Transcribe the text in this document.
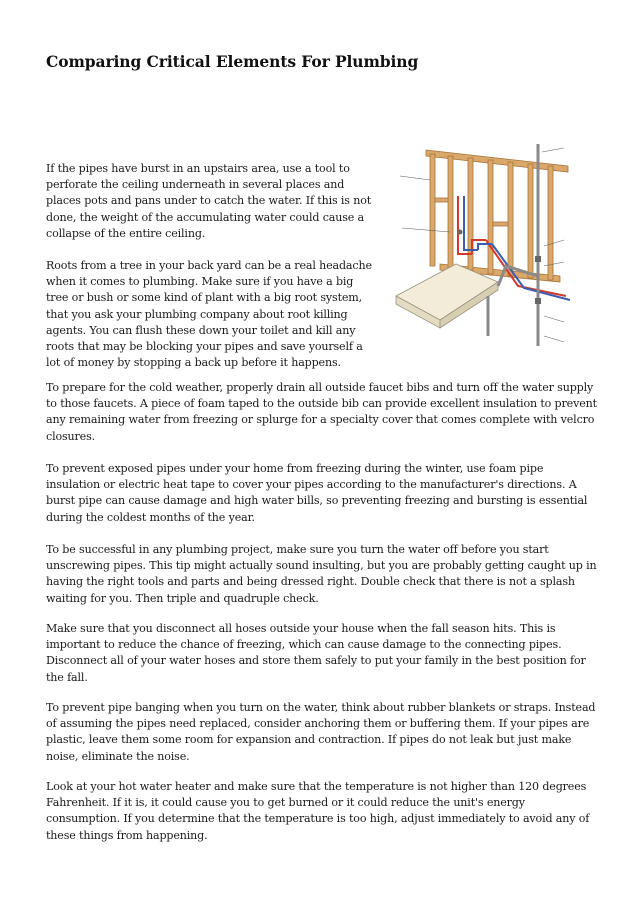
Comparing Critical Elements For Plumbing

If the pipes have burst in an upstairs area, use a tool to perforate the ceiling underneath in several places and places pots and pans under to catch the water. If this is not done, the weight of the accumulating water could cause a collapse of the entire ceiling.

Roots from a tree in your back yard can be a real headache when it comes to plumbing. Make sure if you have a big tree or bush or some kind of plant with a big root system, that you ask your plumbing company about root killing agents. You can flush these down your toilet and kill any roots that may be blocking your pipes and save yourself a lot of money by stopping a back up before it happens.

To prepare for the cold weather, properly drain all outside faucet bibs and turn off the water supply to those faucets. A piece of foam taped to the outside bib can provide excellent insulation to prevent any remaining water from freezing or splurge for a specialty cover that comes complete with velcro closures.

To prevent exposed pipes under your home from freezing during the winter, use foam pipe insulation or electric heat tape to cover your pipes according to the manufacturer's directions. A burst pipe can cause damage and high water bills, so preventing freezing and bursting is essential during the coldest months of the year.

To be successful in any plumbing project, make sure you turn the water off before you start unscrewing pipes. This tip might actually sound insulting, but you are probably getting caught up in having the right tools and parts and being dressed right. Double check that there is not a splash waiting for you. Then triple and quadruple check.

Make sure that you disconnect all hoses outside your house when the fall season hits. This is important to reduce the chance of freezing, which can cause damage to the connecting pipes. Disconnect all of your water hoses and store them safely to put your family in the best position for the fall.

To prevent pipe banging when you turn on the water, think about rubber blankets or straps. Instead of assuming the pipes need replaced, consider anchoring them or buffering them. If your pipes are plastic, leave them some room for expansion and contraction. If pipes do not leak but just make noise, eliminate the noise.

Look at your hot water heater and make sure that the temperature is not higher than 120 degrees Fahrenheit. If it is, it could cause you to get burned or it could reduce the unit's energy consumption. If you determine that the temperature is too high, adjust immediately to avoid any of these things from happening.
